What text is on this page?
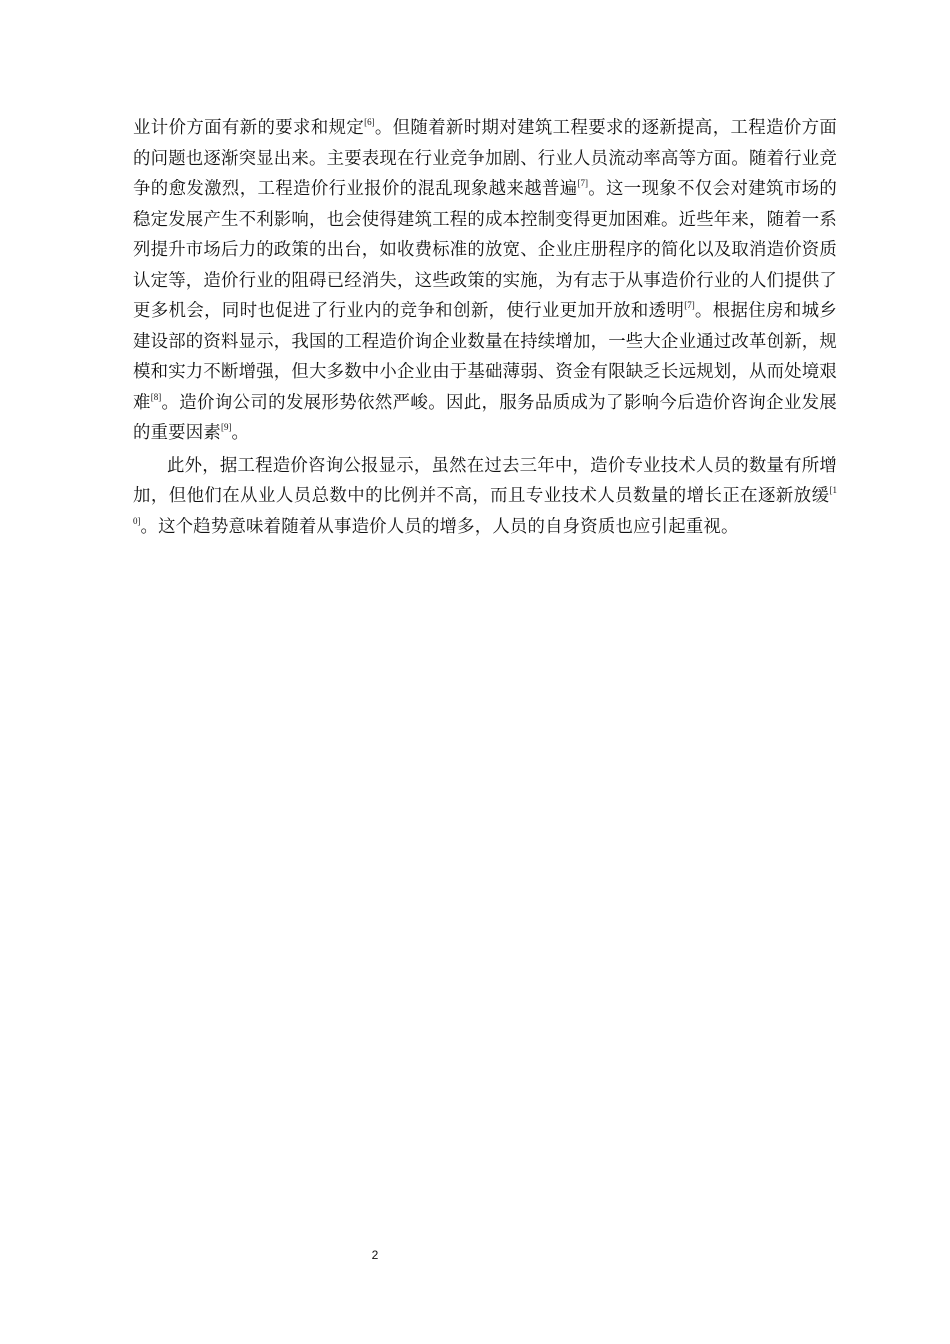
业计价方面有新的要求和规定[6]。但随着新时期对建筑工程要求的逐新提高，工程造价方面的问题也逐渐突显出来。主要表现在行业竞争加剧、行业人员流动率高等方面。随着行业竞争的愈发激烈，工程造价行业报价的混乱现象越来越普遍[7]。这一现象不仅会对建筑市场的稳定发展产生不利影响，也会使得建筑工程的成本控制变得更加困难。近些年来，随着一系列提升市场后力的政策的出台，如收费标准的放宽、企业庄册程序的简化以及取消造价资质认定等，造价行业的阻碍已经消失，这些政策的实施，为有志于从事造价行业的人们提供了更多机会，同时也促进了行业内的竞争和创新，使行业更加开放和透明[7]。根据住房和城乡建设部的资料显示，我国的工程造价询企业数量在持续增加，一些大企业通过改革创新，规模和实力不断增强，但大多数中小企业由于基础薄弱、资金有限缺乏长远规划，从而处境艰难[8]。造价询公司的发展形势依然严峻。因此，服务品质成为了影响今后造价咨询企业发展的重要因素[9]。

此外，据工程造价咨询公报显示，虽然在过去三年中，造价专业技术人员的数量有所增加，但他们在从业人员总数中的比例并不高，而且专业技术人员数量的增长正在逐新放缓[10]。这个趋势意味着随着从事造价人员的增多，人员的自身资质也应引起重视。

2
